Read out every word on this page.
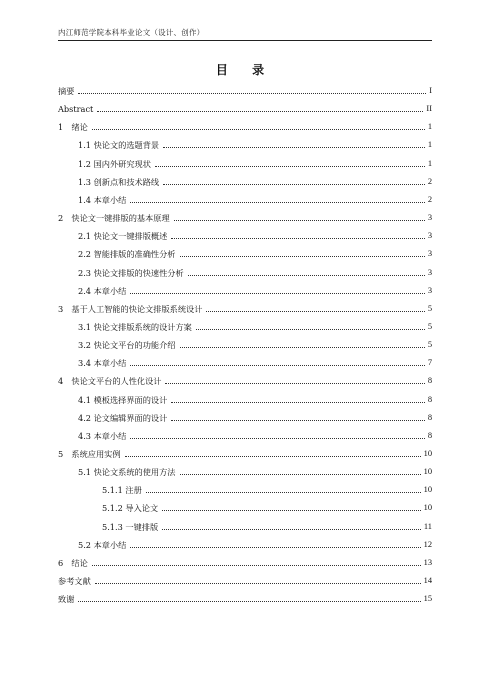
内江师范学院本科毕业论文（设计、创作）
目 录
摘要	I
Abstract	II
1　绪论	1
1.1 快论文的选题背景	1
1.2 国内外研究现状	1
1.3 创新点和技术路线	2
1.4 本章小结	2
2　快论文一键排版的基本原理	3
2.1 快论文一键排版概述	3
2.2 智能排版的准确性分析	3
2.3 快论文排版的快速性分析	3
2.4 本章小结	3
3　基于人工智能的快论文排版系统设计	5
3.1 快论文排版系统的设计方案	5
3.2 快论文平台的功能介绍	5
3.4 本章小结	7
4　快论文平台的人性化设计	8
4.1 模板选择界面的设计	8
4.2 论文编辑界面的设计	8
4.3 本章小结	8
5　系统应用实例	10
5.1 快论文系统的使用方法	10
5.1.1 注册	10
5.1.2 导入论文	10
5.1.3 一键排版	11
5.2 本章小结	12
6　结论	13
参考文献	14
致谢	15
